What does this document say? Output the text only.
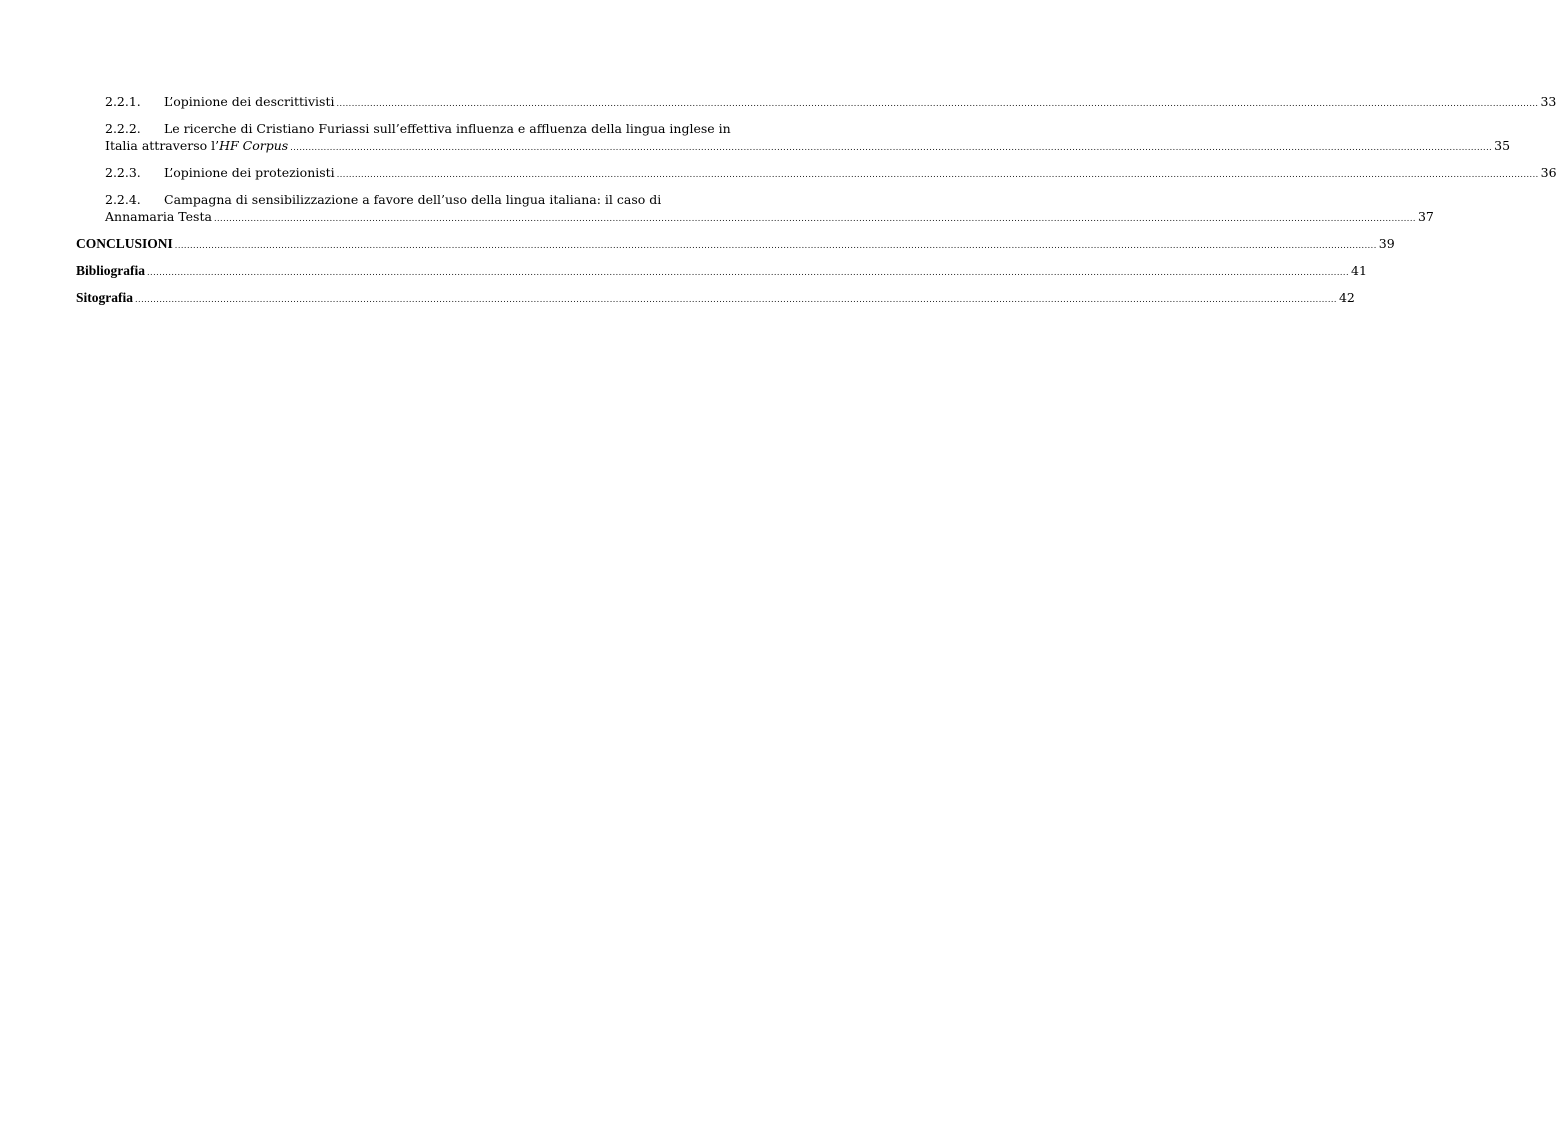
2.2.1.	L’opinione dei descrittivisti ........................................................................................................................................................................................................................................................................................................................................................................................................... 33
2.2.2.	Le ricerche di Cristiano Furiassi sull’effettiva influenza e affluenza della lingua inglese in
Italia attraverso l’HF Corpus ........................................................................................................................................................................................................................................................................................................................................................................................................... 35
2.2.3.	L’opinione dei protezionisti ........................................................................................................................................................................................................................................................................................................................................................................................................... 36
2.2.4.	Campagna di sensibilizzazione a favore dell’uso della lingua italiana: il caso di
Annamaria Testa ........................................................................................................................................................................................................................................................................................................................................................................................................... 37
CONCLUSIONI ........................................................................................................................................................................................................................................................................................................................................................................................................... 39
Bibliografia ........................................................................................................................................................................................................................................................................................................................................................................................................... 41
Sitografia ........................................................................................................................................................................................................................................................................................................................................................................................................... 42
